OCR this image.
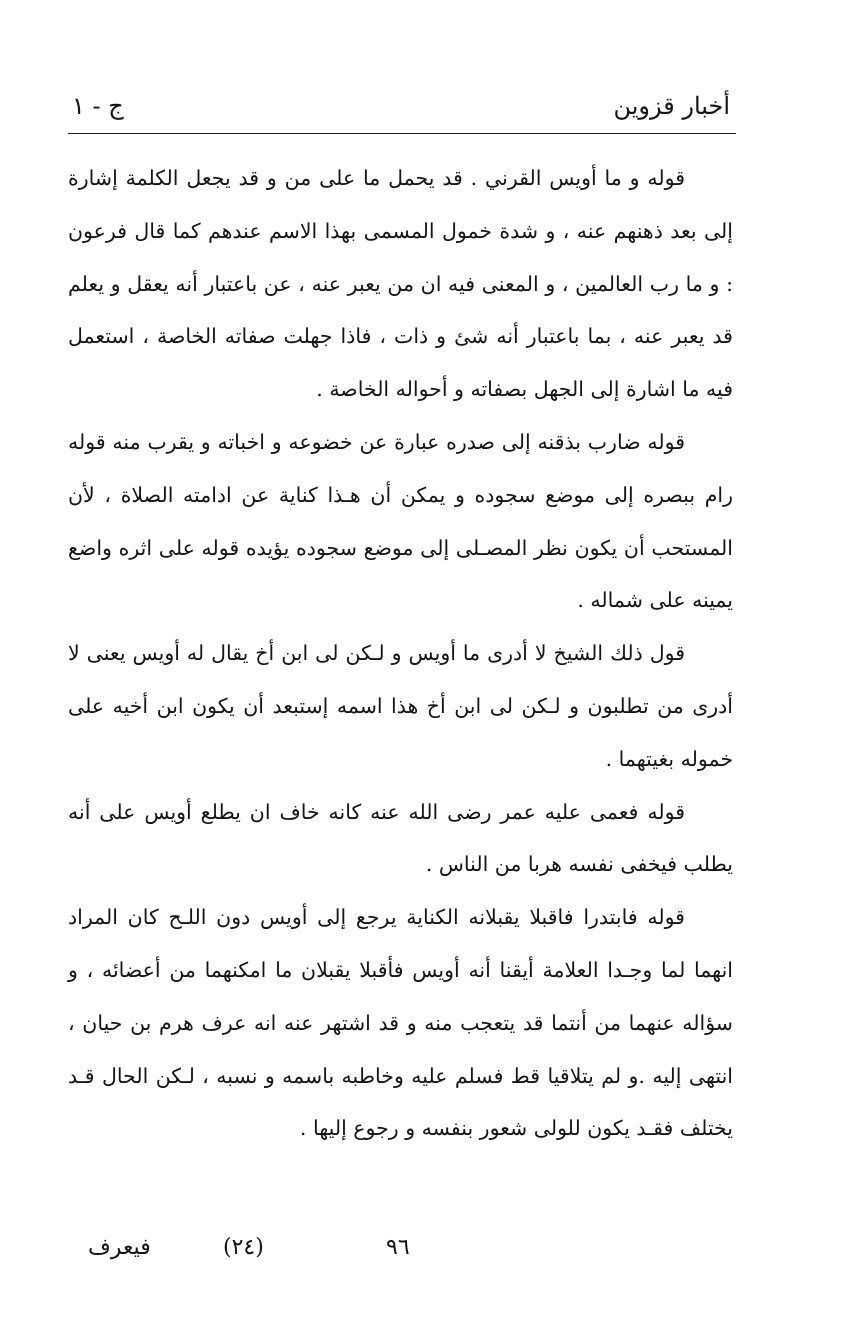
أخبار قزوين
ج - ١

قوله و ما أويس القرني . قد يحمل ما على من و قد يجعل الكلمة إشارة إلى بعد ذهنهم عنه ، و شدة خمول المسمى بهذا الاسم عندهم كما قال فرعون : و ما رب العالمين ، و المعنى فيه ان من يعبر عنه ، عن باعتبار أنه يعقل و يعلم قد يعبر عنه ، بما باعتبار أنه شئ و ذات ، فاذا جهلت صفاته الخاصة ، استعمل فيه ما اشارة إلى الجهل بصفاته و أحواله الخاصة .

قوله ضارب بذقنه إلى صدره عبارة عن خضوعه و اخباته و يقرب منه قوله رام ببصره إلى موضع سجوده و يمكن أن هـذا كناية عن ادامته الصلاة ، لأن المستحب أن يكون نظر المصـلى إلى موضع سجوده يؤيده قوله على اثره واضع يمينه على شماله .

قول ذلك الشيخ لا أدرى ما أويس و لـكن لى ابن أخ يقال له أويس يعنى لا أدرى من تطلبون و لـكن لى ابن أخ هذا اسمه إستبعد أن يكون ابن أخيه على خموله بغيتهما .

قوله فعمى عليه عمر رضى الله عنه كانه خاف ان يطلع أويس على أنه يطلب فيخفى نفسه هربا من الناس .

قوله فابتدرا فاقبلا يقبلانه الكناية يرجع إلى أويس دون اللـح كان المراد انهما لما وجـدا العلامة أيقنا أنه أويس فأقبلا يقبلان ما امكنهما من أعضائه ، و سؤاله عنهما من أنتما قد يتعجب منه و قد اشتهر عنه انه عرف هرم بن حيان ، انتهى إليه .و لم يتلاقيا قط فسلم عليه وخاطبه باسمه و نسبه ، لـكن الحال قـد يختلف فقـد يكون للولى شعور بنفسه و رجوع إليها .

فيعرف	(٢٤)	٩٦
